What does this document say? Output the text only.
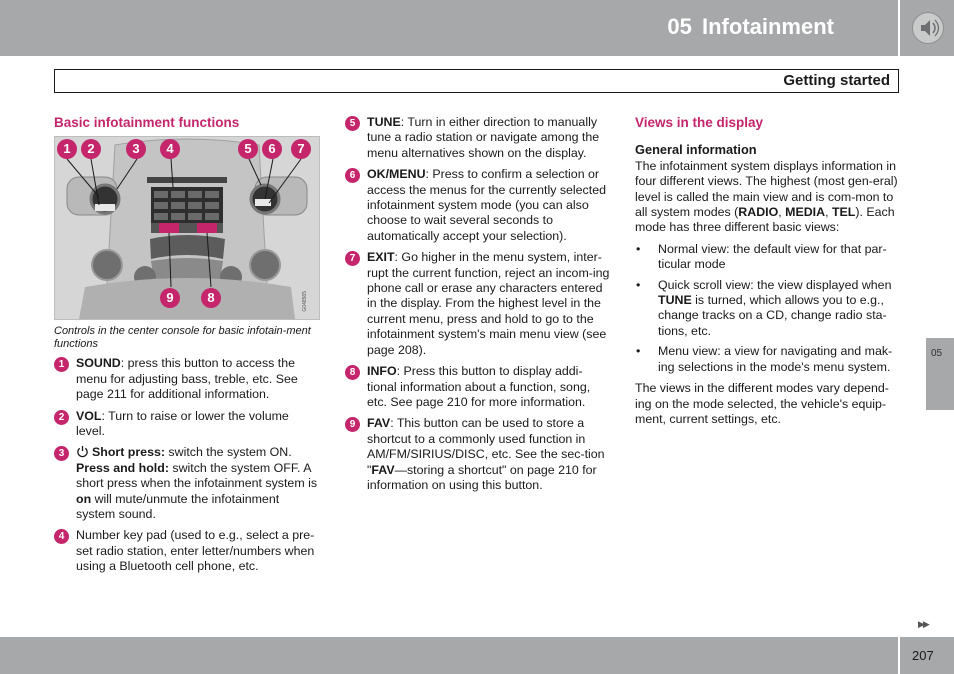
05 Infotainment
Getting started
Basic infotainment functions
1	2	3	4	5	6	7
9	8	G048565
Controls in the center console for basic infotain-ment functions
1 SOUND: press this button to access the menu for adjusting bass, treble, etc. See page 211 for additional information.
2 VOL: Turn to raise or lower the volume level.
3	Short press: switch the system ON.
Press and hold: switch the system OFF. A short press when the infotainment system is on will mute/unmute the infotainment system sound.
4 Number key pad (used to e.g., select a pre-set radio station, enter letter/numbers when using a Bluetooth cell phone, etc.
5 TUNE: Turn in either direction to manually tune a radio station or navigate among the menu alternatives shown on the display.
6 OK/MENU: Press to confirm a selection or access the menus for the currently selected infotainment system mode (you can also choose to wait several seconds to automatically accept your selection).
7 EXIT: Go higher in the menu system, inter-rupt the current function, reject an incom-ing phone call or erase any characters entered in the display. From the highest level in the current menu, press and hold to go to the infotainment system's main menu view (see page 208).
8 INFO: Press this button to display addi-tional information about a function, song, etc. See page 210 for more information.
9 FAV: This button can be used to store a shortcut to a commonly used function in AM/FM/SIRIUS/DISC, etc. See the sec-tion "FAV—storing a shortcut" on page 210 for information on using this button.
Views in the display
General information

The infotainment system displays information in four different views. The highest (most gen-eral) level is called the main view and is com-mon to all system modes (RADIO, MEDIA, TEL). Each mode has three different basic views:

• Normal view: the default view for that par-ticular mode
• Quick scroll view: the view displayed when TUNE is turned, which allows you to e.g., change tracks on a CD, change radio sta-tions, etc.
• Menu view: a view for navigating and mak-ing selections in the mode's menu system.

The views in the different modes vary depend-ing on the mode selected, the vehicle's equip-ment, current settings, etc.

05
▶▶
207
